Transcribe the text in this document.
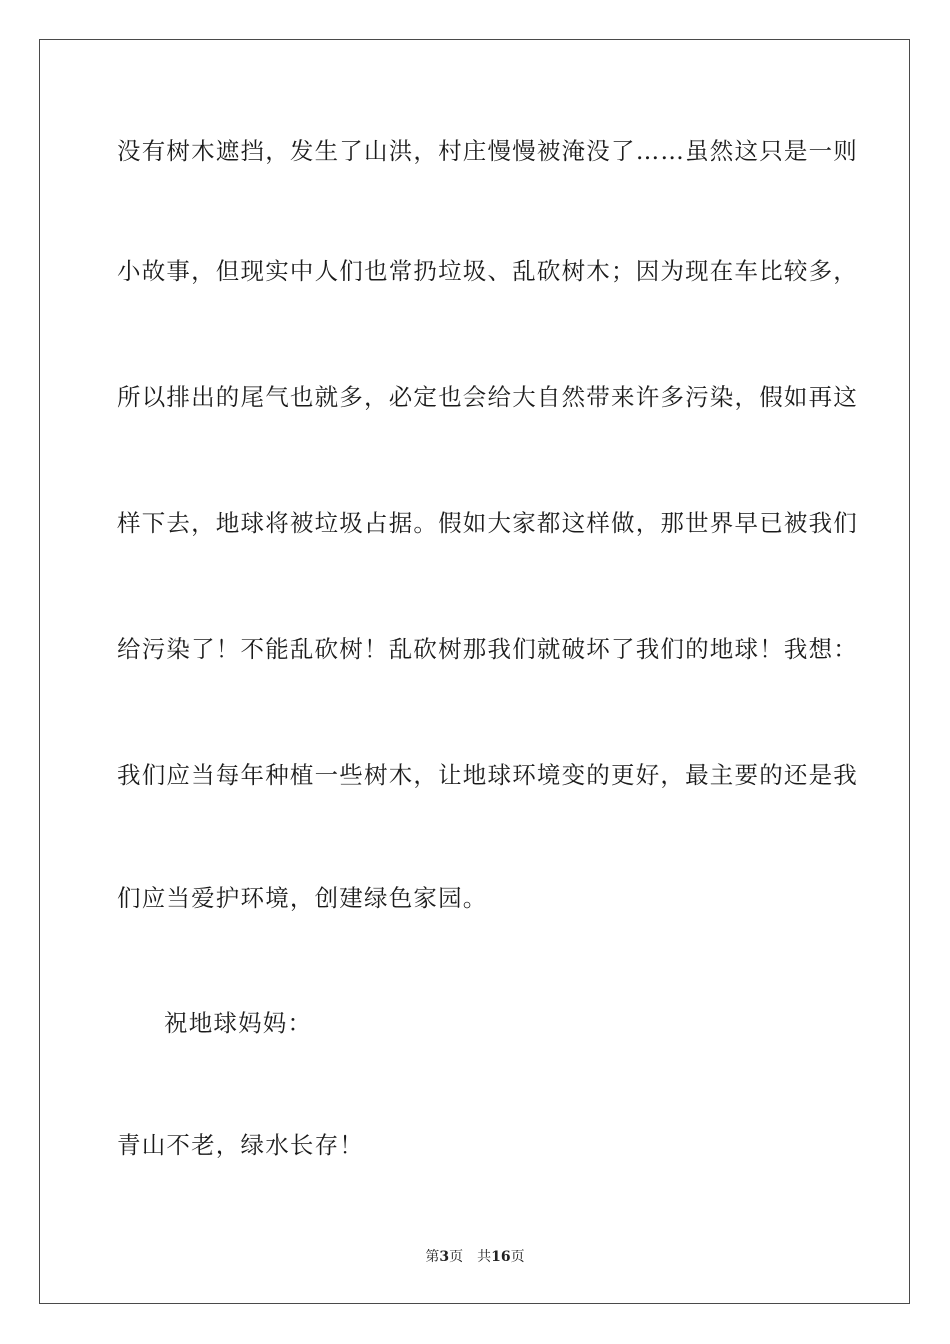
没有树木遮挡，发生了山洪，村庄慢慢被淹没了……虽然这只是一则
小故事，但现实中人们也常扔垃圾、乱砍树木；因为现在车比较多，
所以排出的尾气也就多，必定也会给大自然带来许多污染，假如再这
样下去，地球将被垃圾占据。假如大家都这样做，那世界早已被我们
给污染了！不能乱砍树！乱砍树那我们就破坏了我们的地球！我想：
我们应当每年种植一些树木，让地球环境变的更好，最主要的还是我
们应当爱护环境，创建绿色家园。
祝地球妈妈：
青山不老，绿水长存！
第3页 共16页
